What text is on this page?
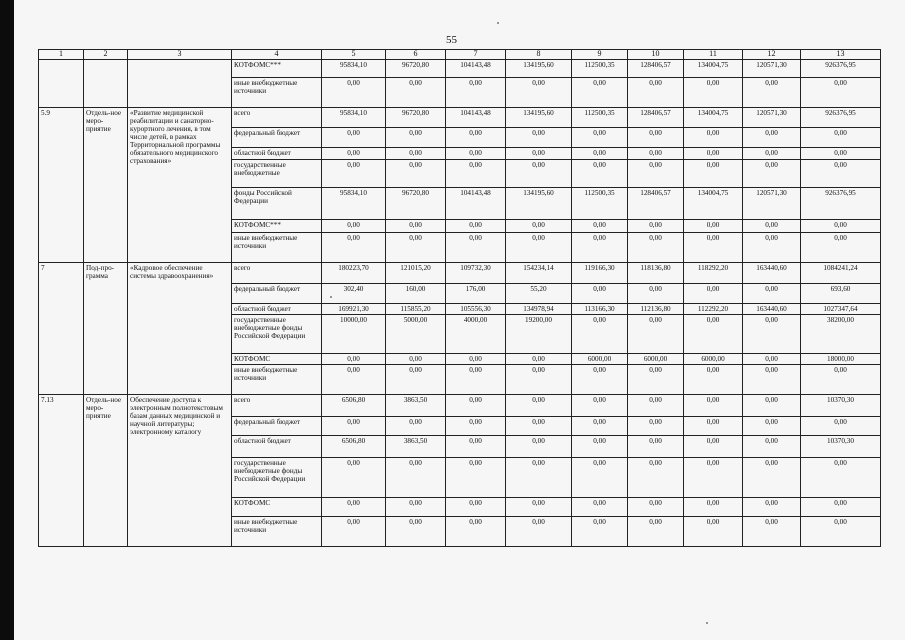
55
1	2	3	4	5	6	7	8	9	10	11	12	13
			КОТФОМС***	95834,10	96720,80	104143,48	134195,60	112500,35	128406,57	134004,75	120571,30	926376,95
			иные внебюджетные источники	0,00	0,00	0,00	0,00	0,00	0,00	0,00	0,00	0,00
5.9	Отдель-ное меро-приятие	«Развитие медицинской реабилитации и санаторно-курортного лечения, в том числе детей, в рамках Территориальной программы обязательного медицинского страхования»	всего	95834,10	96720,80	104143,48	134195,60	112500,35	128406,57	134004,75	120571,30	926376,95
			федеральный бюджет	0,00	0,00	0,00	0,00	0,00	0,00	0,00	0,00	0,00
			областной бюджет	0,00	0,00	0,00	0,00	0,00	0,00	0,00	0,00	0,00
			государственные внебюджетные	0,00	0,00	0,00	0,00	0,00	0,00	0,00	0,00	0,00
			фонды Российской Федерации	95834,10	96720,80	104143,48	134195,60	112500,35	128406,57	134004,75	120571,30	926376,95
			КОТФОМС***	0,00	0,00	0,00	0,00	0,00	0,00	0,00	0,00	0,00
			иные внебюджетные источники	0,00	0,00	0,00	0,00	0,00	0,00	0,00	0,00	0,00
7	Под-про-грамма	«Кадровое обеспечение системы здравоохранения»	всего	180223,70	121015,20	109732,30	154234,14	119166,30	118136,80	118292,20	163440,60	1084241,24
			федеральный бюджет	302,40	160,00	176,00	55,20	0,00	0,00	0,00	0,00	693,60
			областной бюджет	169921,30	115855,20	105556,30	134978,94	113166,30	112136,80	112292,20	163440,60	1027347,64
			государственные внебюджетные фонды Российской Федерации	10000,00	5000,00	4000,00	19200,00	0,00	0,00	0,00	0,00	38200,00
			КОТФОМС	0,00	0,00	0,00	0,00	6000,00	6000,00	6000,00	0,00	18000,00
			иные внебюджетные источники	0,00	0,00	0,00	0,00	0,00	0,00	0,00	0,00	0,00
7.13	Отдель-ное меро-приятие	Обеспечение доступа к электронным полнотекстовым базам данных медицинской и научной литературы; электронному каталогу	всего	6506,80	3863,50	0,00	0,00	0,00	0,00	0,00	0,00	10370,30
			федеральный бюджет	0,00	0,00	0,00	0,00	0,00	0,00	0,00	0,00	0,00
			областной бюджет	6506,80	3863,50	0,00	0,00	0,00	0,00	0,00	0,00	10370,30
			государственные внебюджетные фонды Российской Федерации	0,00	0,00	0,00	0,00	0,00	0,00	0,00	0,00	0,00
			КОТФОМС	0,00	0,00	0,00	0,00	0,00	0,00	0,00	0,00	0,00
			иные внебюджетные источники	0,00	0,00	0,00	0,00	0,00	0,00	0,00	0,00	0,00
